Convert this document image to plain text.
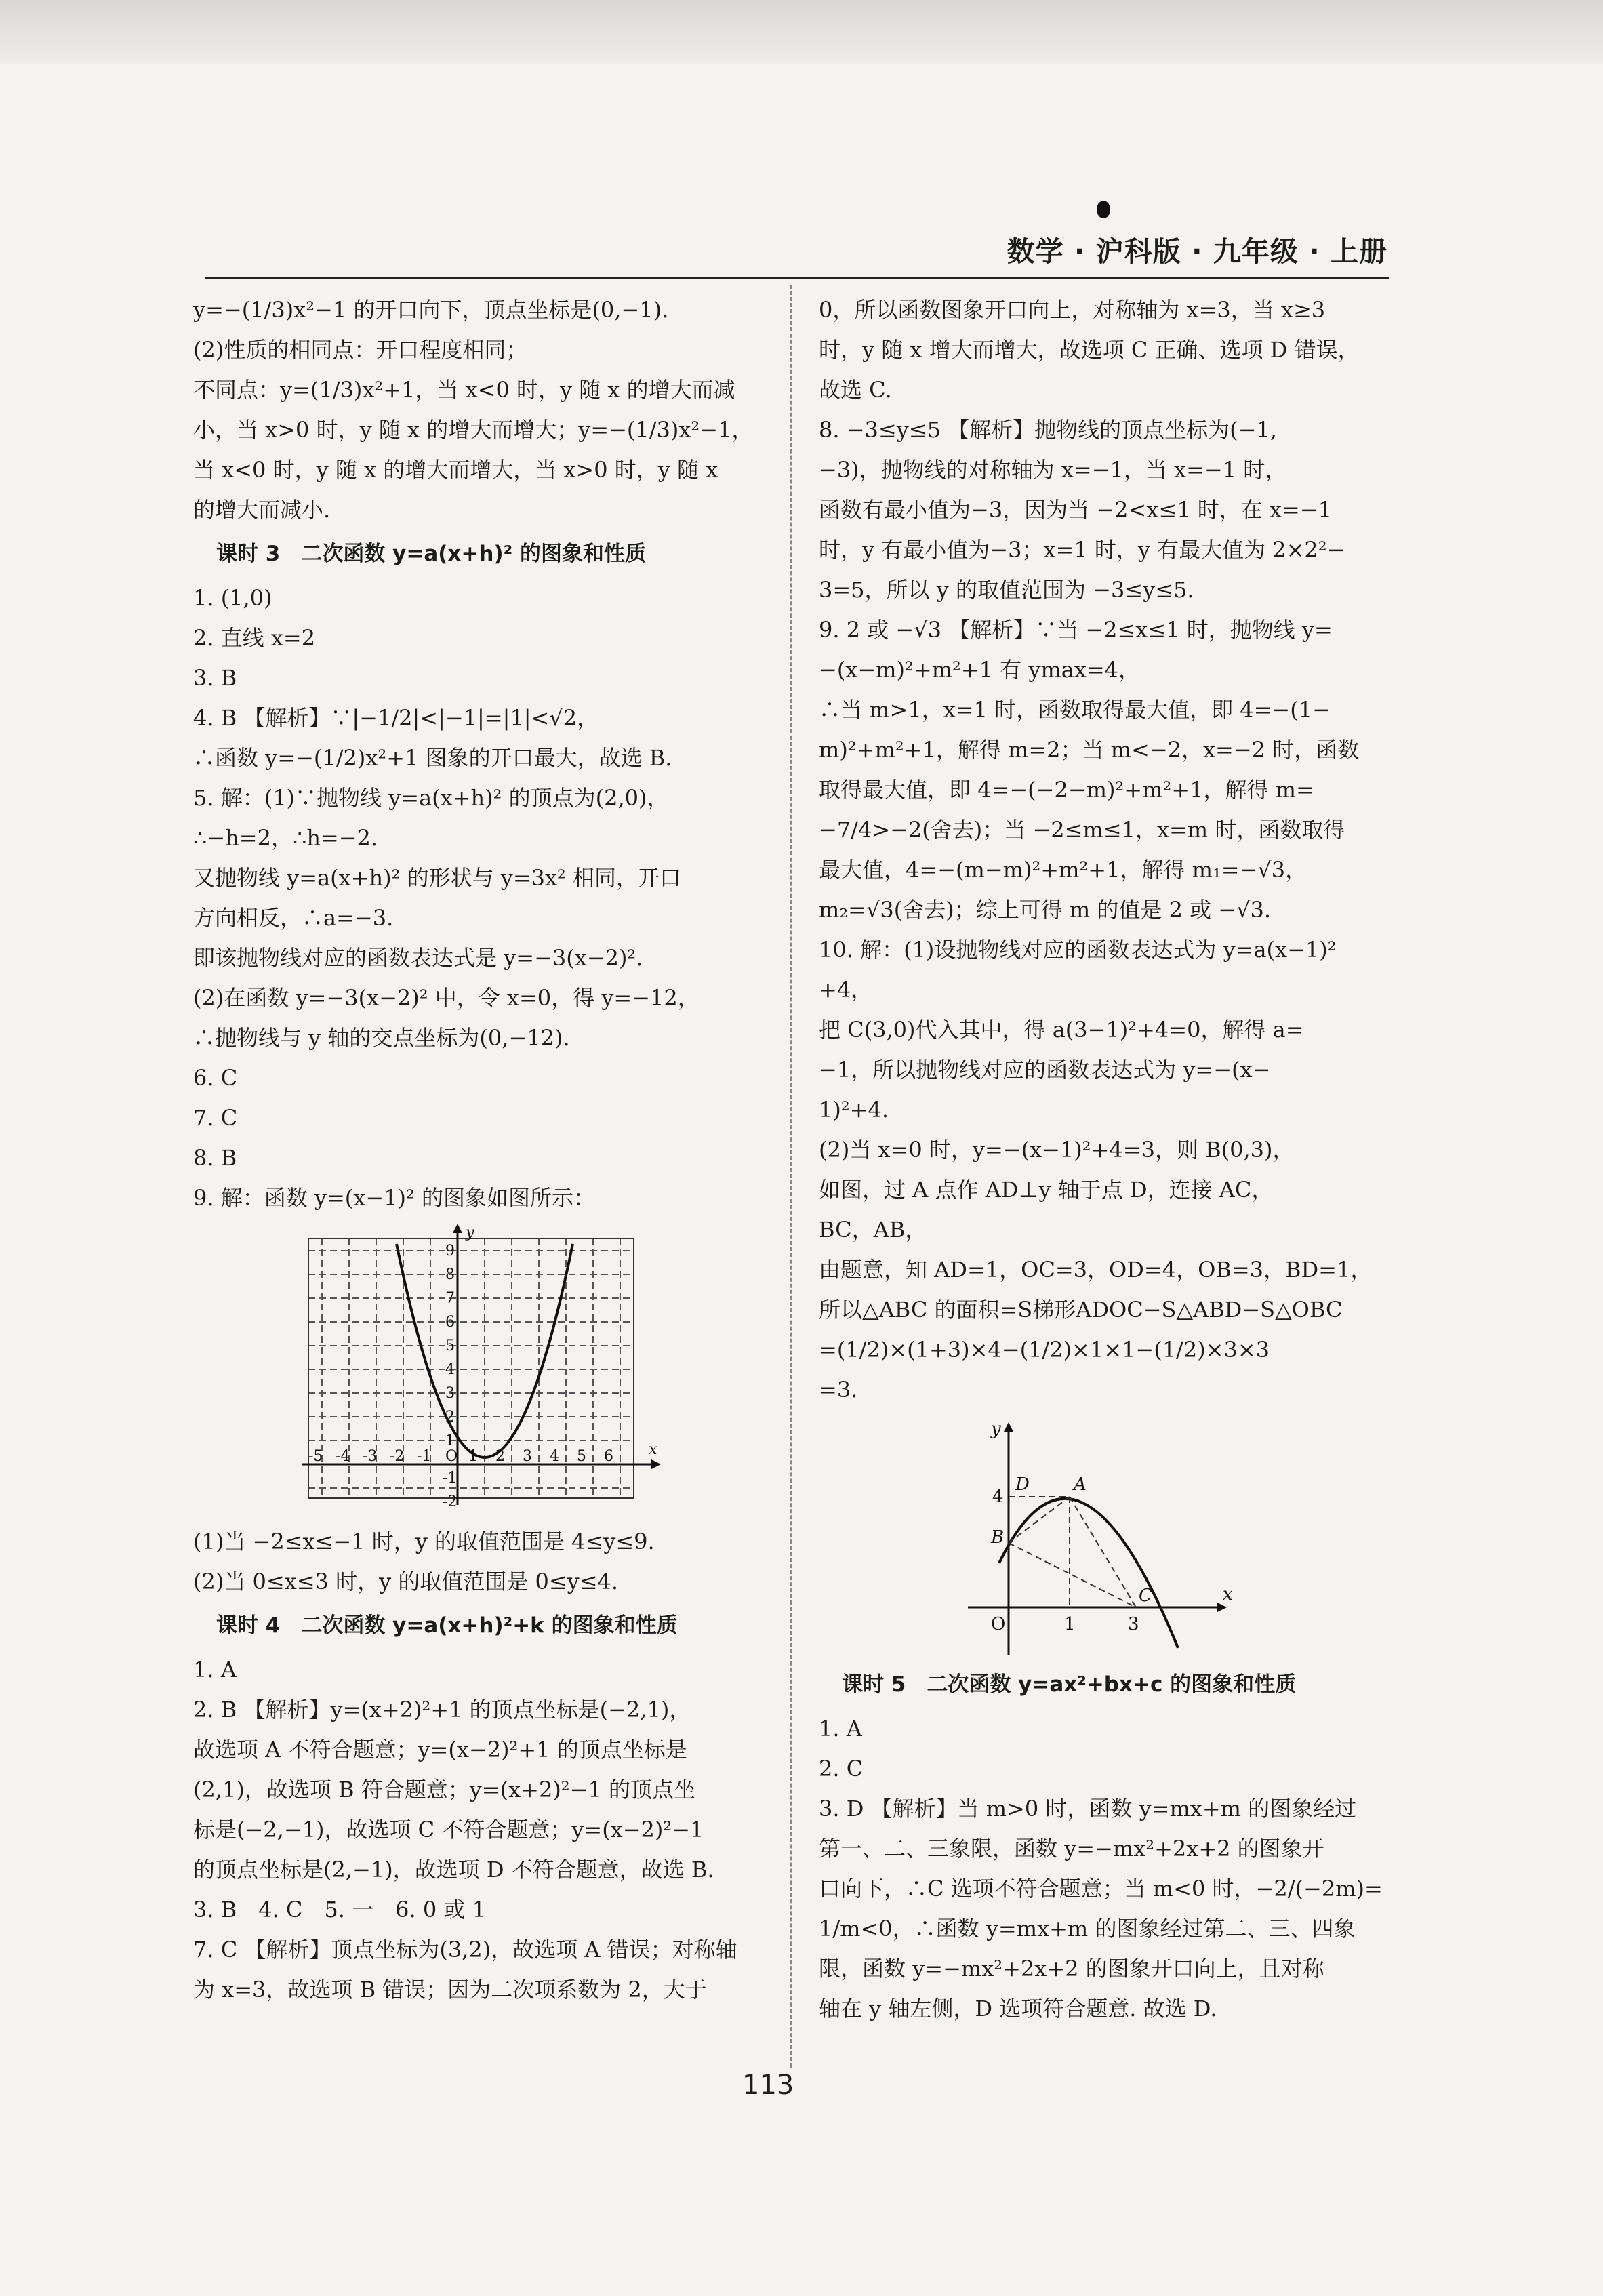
数学 · 沪科版 · 九年级 · 上册
y=−(1/3)x²−1 的开口向下，顶点坐标是(0,−1).
(2)性质的相同点：开口程度相同；
不同点：y=(1/3)x²+1，当 x<0 时，y 随 x 的增大而减
小，当 x>0 时，y 随 x 的增大而增大；y=−(1/3)x²−1，
当 x<0 时，y 随 x 的增大而增大，当 x>0 时，y 随 x
的增大而减小.
课时 3　二次函数 y=a(x+h)² 的图象和性质
1. (1,0)
2. 直线 x=2
3. B
4. B 【解析】∵|−1/2|<|−1|=|1|<√2，
∴函数 y=−(1/2)x²+1 图象的开口最大，故选 B.
5. 解：(1)∵抛物线 y=a(x+h)² 的顶点为(2,0)，
∴−h=2，∴h=−2.
又抛物线 y=a(x+h)² 的形状与 y=3x² 相同，开口
方向相反，∴a=−3.
即该抛物线对应的函数表达式是 y=−3(x−2)².
(2)在函数 y=−3(x−2)² 中，令 x=0，得 y=−12，
∴抛物线与 y 轴的交点坐标为(0,−12).
6. C
7. C
8. B
9. 解：函数 y=(x−1)² 的图象如图所示：
-5 -4 -3 -2 -1 O 1 2 3 4 5 6 x
9
8
7
6
5
4
3
2
1
-1
-2
y
(1)当 −2≤x≤−1 时，y 的取值范围是 4≤y≤9.
(2)当 0≤x≤3 时，y 的取值范围是 0≤y≤4.
课时 4　二次函数 y=a(x+h)²+k 的图象和性质
1. A
2. B 【解析】y=(x+2)²+1 的顶点坐标是(−2,1)，
故选项 A 不符合题意；y=(x−2)²+1 的顶点坐标是
(2,1)，故选项 B 符合题意；y=(x+2)²−1 的顶点坐
标是(−2,−1)，故选项 C 不符合题意；y=(x−2)²−1
的顶点坐标是(2,−1)，故选项 D 不符合题意，故选 B.
3. B　4. C　5. 一　6. 0 或 1
7. C 【解析】顶点坐标为(3,2)，故选项 A 错误；对称轴
为 x=3，故选项 B 错误；因为二次项系数为 2，大于
0，所以函数图象开口向上，对称轴为 x=3，当 x≥3
时，y 随 x 增大而增大，故选项 C 正确、选项 D 错误，
故选 C.
8. −3≤y≤5 【解析】抛物线的顶点坐标为(−1,
−3)，抛物线的对称轴为 x=−1，当 x=−1 时，
函数有最小值为−3，因为当 −2<x≤1 时，在 x=−1
时，y 有最小值为−3；x=1 时，y 有最大值为 2×2²−
3=5，所以 y 的取值范围为 −3≤y≤5.
9. 2 或 −√3 【解析】∵当 −2≤x≤1 时，抛物线 y=
−(x−m)²+m²+1 有 ymax=4，
∴当 m>1，x=1 时，函数取得最大值，即 4=−(1−
m)²+m²+1，解得 m=2；当 m<−2，x=−2 时，函数
取得最大值，即 4=−(−2−m)²+m²+1，解得 m=
−7/4>−2(舍去)；当 −2≤m≤1，x=m 时，函数取得
最大值，4=−(m−m)²+m²+1，解得 m₁=−√3，
m₂=√3(舍去)；综上可得 m 的值是 2 或 −√3.
10. 解：(1)设抛物线对应的函数表达式为 y=a(x−1)²
+4，
把 C(3,0)代入其中，得 a(3−1)²+4=0，解得 a=
−1，所以抛物线对应的函数表达式为 y=−(x−
1)²+4.
(2)当 x=0 时，y=−(x−1)²+4=3，则 B(0,3)，
如图，过 A 点作 AD⊥y 轴于点 D，连接 AC，
BC，AB，
由题意，知 AD=1，OC=3，OD=4，OB=3，BD=1，
所以△ABC 的面积=S梯形ADOC−S△ABD−S△OBC
=(1/2)×(1+3)×4−(1/2)×1×1−(1/2)×3×3
=3.
D	A
B
C
O	1	3
4
x
y
课时 5　二次函数 y=ax²+bx+c 的图象和性质
1. A
2. C
3. D 【解析】当 m>0 时，函数 y=mx+m 的图象经过
第一、二、三象限，函数 y=−mx²+2x+2 的图象开
口向下，∴C 选项不符合题意；当 m<0 时，−2/(−2m)=
1/m<0，∴函数 y=mx+m 的图象经过第二、三、四象
限，函数 y=−mx²+2x+2 的图象开口向上，且对称
轴在 y 轴左侧，D 选项符合题意. 故选 D.
113
